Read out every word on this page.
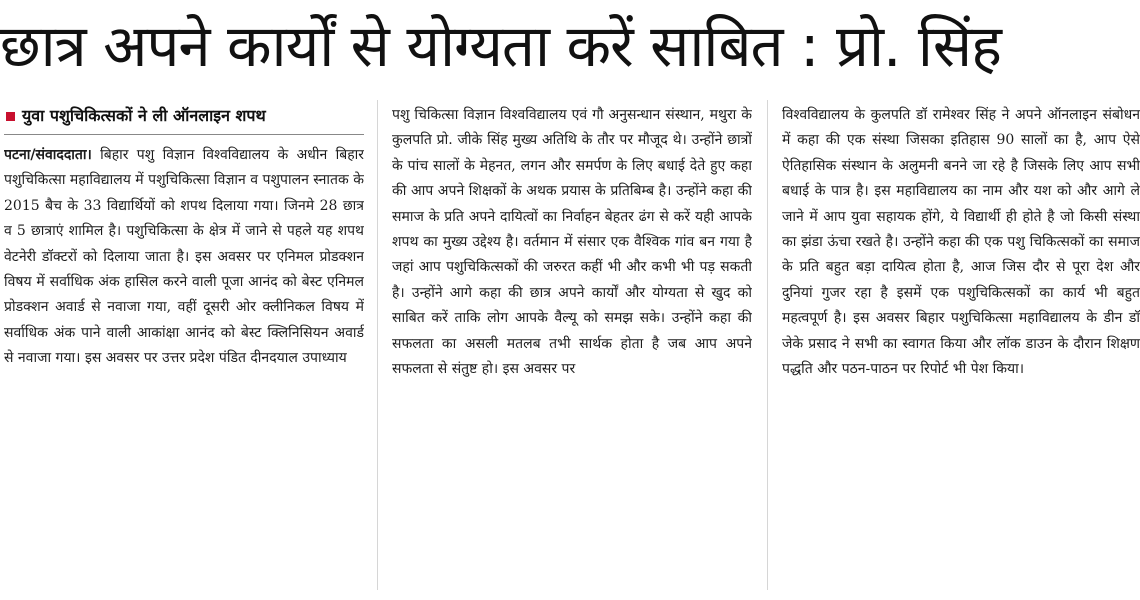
छात्र अपने कार्यों से योग्यता करें साबित : प्रो. सिंह
युवा पशुचिकित्सकों ने ली ऑनलाइन शपथ
पटना/संवाददाता। बिहार पशु विज्ञान विश्वविद्यालय के अधीन बिहार पशुचिकित्सा महाविद्यालय में पशुचिकित्सा विज्ञान व पशुपालन स्नातक के 2015 बैच के 33 विद्यार्थियों को शपथ दिलाया गया। जिनमे 28 छात्र व 5 छात्राएं शामिल है। पशुचिकित्सा के क्षेत्र में जाने से पहले यह शपथ वेटनेरी डॉक्टरों को दिलाया जाता है। इस अवसर पर एनिमल प्रोडक्शन विषय में सर्वाधिक अंक हासिल करने वाली पूजा आनंद को बेस्ट एनिमल प्रोडक्शन अवार्ड से नवाजा गया, वहीं दूसरी ओर क्लीनिकल विषय में सर्वाधिक अंक पाने वाली आकांक्षा आनंद को बेस्ट क्लिनिसियन अवार्ड से नवाजा गया। इस अवसर पर उत्तर प्रदेश पंडित दीनदयाल उपाध्याय
पशु चिकित्सा विज्ञान विश्वविद्यालय एवं गौ अनुसन्धान संस्थान, मथुरा के कुलपति प्रो. जीके सिंह मुख्य अतिथि के तौर पर मौजूद थे। उन्होंने छात्रों के पांच सालों के मेहनत, लगन और समर्पण के लिए बधाई देते हुए कहा की आप अपने शिक्षकों के अथक प्रयास के प्रतिबिम्ब है। उन्होंने कहा की समाज के प्रति अपने दायित्वों का निर्वाहन बेहतर ढंग से करें यही आपके शपथ का मुख्य उद्देश्य है। वर्तमान में संसार एक वैश्विक गांव बन गया है जहां आप पशुचिकित्सकों की जरुरत कहीं भी और कभी भी पड़ सकती है। उन्होंने आगे कहा की छात्र अपने कार्यों और योग्यता से खुद को साबित करें ताकि लोग आपके वैल्यू को समझ सके। उन्होंने कहा की सफलता का असली मतलब तभी सार्थक होता है जब आप अपने सफलता से संतुष्ट हो। इस अवसर पर
विश्वविद्यालय के कुलपति डॉ रामेश्वर सिंह ने अपने ऑनलाइन संबोधन में कहा की एक संस्था जिसका इतिहास 90 सालों का है, आप ऐसे ऐतिहासिक संस्थान के अलुमनी बनने जा रहे है जिसके लिए आप सभी बधाई के पात्र है। इस महाविद्यालय का नाम और यश को और आगे ले जाने में आप युवा सहायक होंगे, ये विद्यार्थी ही होते है जो किसी संस्था का झंडा ऊंचा रखते है। उन्होंने कहा की एक पशु चिकित्सकों का समाज के प्रति बहुत बड़ा दायित्व होता है, आज जिस दौर से पूरा देश और दुनियां गुजर रहा है इसमें एक पशुचिकित्सकों का कार्य भी बहुत महत्वपूर्ण है। इस अवसर बिहार पशुचिकित्सा महाविद्यालय के डीन डॉ जेके प्रसाद ने सभी का स्वागत किया और लॉक डाउन के दौरान शिक्षण पद्धति और पठन-पाठन पर रिपोर्ट भी पेश किया।
